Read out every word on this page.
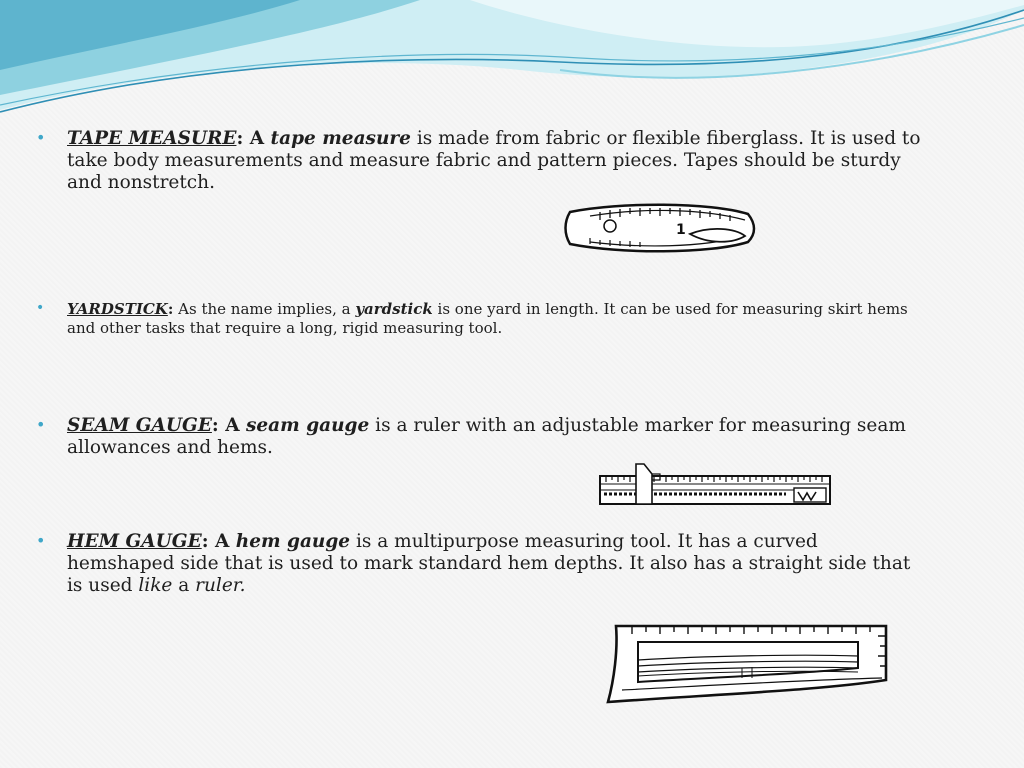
• TAPE MEASURE: A tape measure is made from fabric or flexible fiberglass. It is used to take body measurements and measure fabric and pattern pieces. Tapes should be sturdy and nonstretch.
1
• YARDSTICK: As the name implies, a yardstick is one yard in length. It can be used for measuring skirt hems and other tasks that require a long, rigid measuring tool.
• SEAM GAUGE: A seam gauge is a ruler with an adjustable marker for measuring seam allowances and hems.
• HEM GAUGE: A hem gauge is a multipurpose measuring tool. It has a curved hemshaped side that is used to mark standard hem depths. It also has a straight side that is used like a ruler.
